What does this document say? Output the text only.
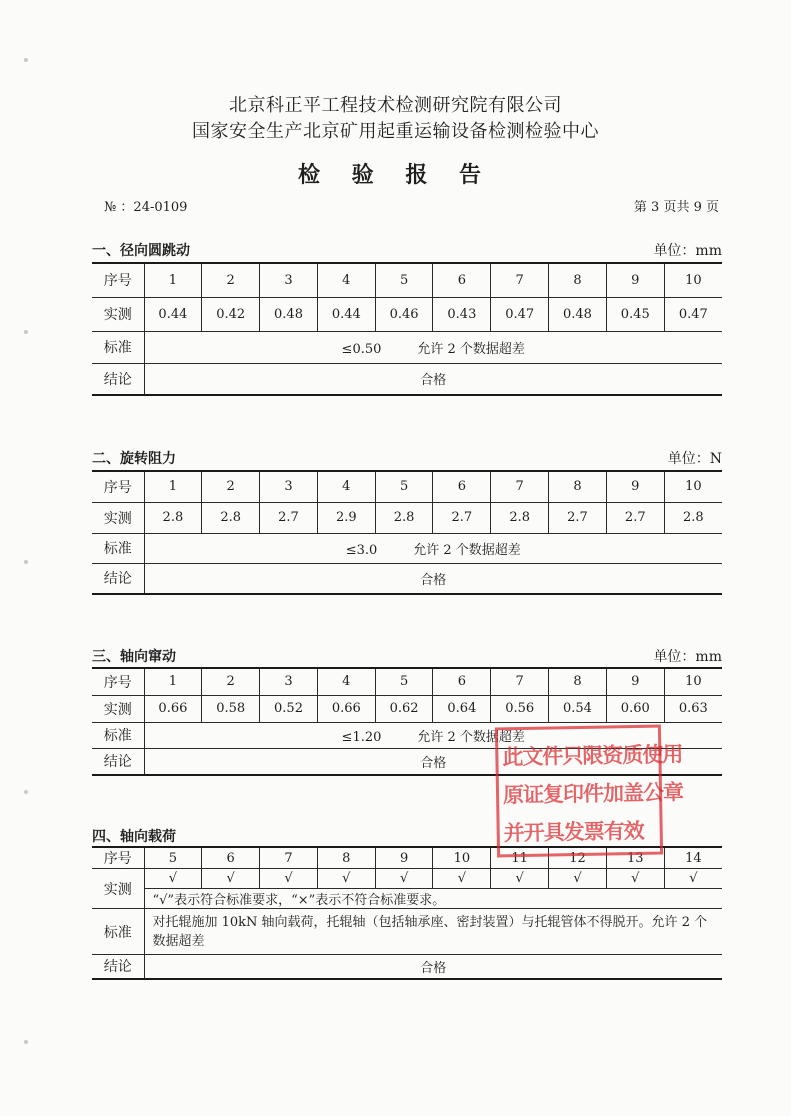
北京科正平工程技术检测研究院有限公司
国家安全生产北京矿用起重运输设备检测检验中心
检 验 报 告
№ ：24-0109	第 3 页共 9 页
一、径向圆跳动	单位：mm
序号	1	2	3	4	5	6	7	8	9	10
实测	0.44	0.42	0.48	0.44	0.46	0.43	0.47	0.48	0.45	0.47
标准	≤0.50 允许 2 个数据超差									
结论	合格									
二、旋转阻力	单位：N
序号	1	2	3	4	5	6	7	8	9	10
实测	2.8	2.8	2.7	2.9	2.8	2.7	2.8	2.7	2.7	2.8
标准	≤3.0 允许 2 个数据超差									
结论	合格									
三、轴向窜动	单位：mm
序号	1	2	3	4	5	6	7	8	9	10
实测	0.66	0.58	0.52	0.66	0.62	0.64	0.56	0.54	0.60	0.63
标准	≤1.20 允许 2 个数据超差									
结论	合格									
四、轴向载荷
序号	5	6	7	8	9	10	11	12	13	14
实测	√	√	√	√	√	√	√	√	√	√
	“√”表示符合标准要求，“×”表示不符合标准要求。									
标准	对托辊施加 10kN 轴向载荷，托辊轴（包括轴承座、密封装置）与托辊管体不得脱开。允许 2 个数据超差									
结论	合格									
此文件只限资质使用
原证复印件加盖公章
并开具发票有效
